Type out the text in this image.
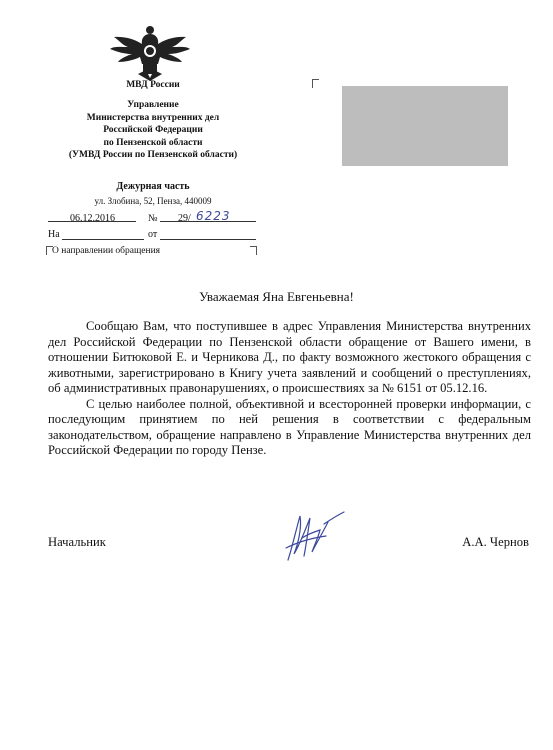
МВД России
Управление
Министерства внутренних дел
Российской Федерации
по Пензенской области
(УМВД России по Пензенской области)
Дежурная часть
ул. Злобина, 52, Пенза, 440009
06.12.2016	№ 29/ 6223
На	от
О направлении обращения
Уважаемая Яна Евгеньевна!

Сообщаю Вам, что поступившее в адрес Управления Министерства внутренних дел Российской Федерации по Пензенской области обращение от Вашего имени, в отношении Битюковой Е. и Черникова Д., по факту возможного жестокого обращения с животными, зарегистрировано в Книгу учета заявлений и сообщений о преступлениях, об административных правонарушениях, о происшествиях за № 6151 от 05.12.16.

С целью наиболее полной, объективной и всесторонней проверки информации, с последующим принятием по ней решения в соответствии с федеральным законодательством, обращение направлено в Управление Министерства внутренних дел Российской Федерации по городу Пензе.

Начальник	А.А. Чернов
